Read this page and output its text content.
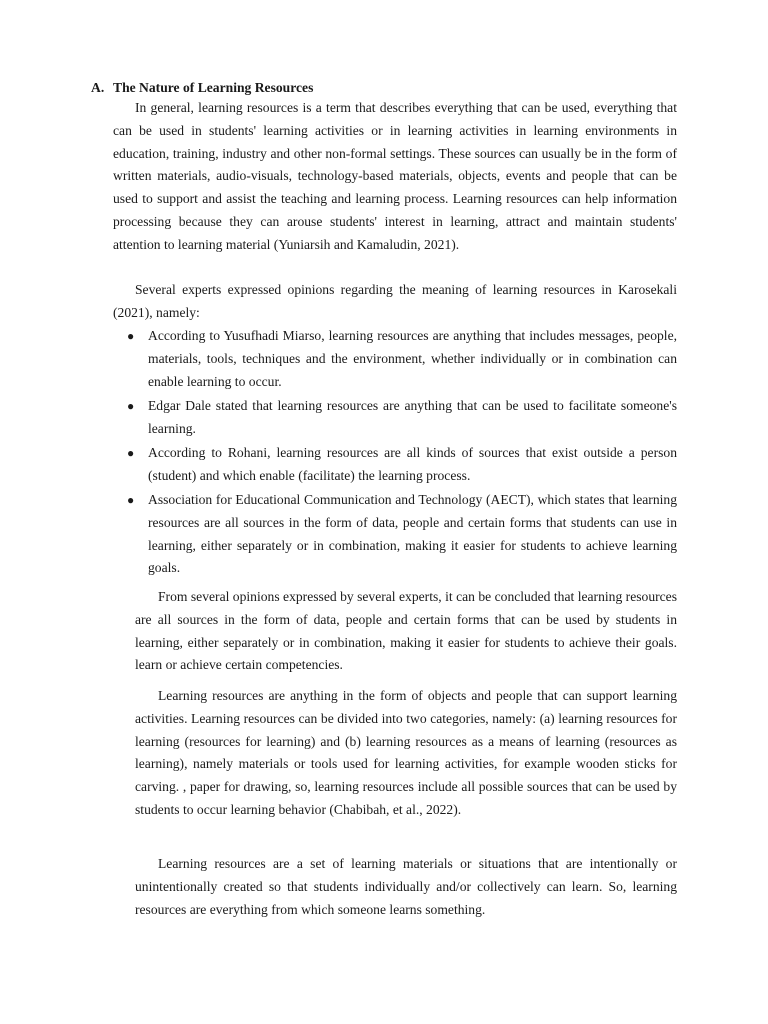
A. The Nature of Learning Resources

In general, learning resources is a term that describes everything that can be used, everything that can be used in students' learning activities or in learning activities in learning environments in education, training, industry and other non-formal settings. These sources can usually be in the form of written materials, audio-visuals, technology-based materials, objects, events and people that can be used to support and assist the teaching and learning process. Learning resources can help information processing because they can arouse students' interest in learning, attract and maintain students' attention to learning material (Yuniarsih and Kamaludin, 2021).

Several experts expressed opinions regarding the meaning of learning resources in Karosekali (2021), namely:

● According to Yusufhadi Miarso, learning resources are anything that includes messages, people, materials, tools, techniques and the environment, whether individually or in combination can enable learning to occur.
● Edgar Dale stated that learning resources are anything that can be used to facilitate someone's learning.
● According to Rohani, learning resources are all kinds of sources that exist outside a person (student) and which enable (facilitate) the learning process.
● Association for Educational Communication and Technology (AECT), which states that learning resources are all sources in the form of data, people and certain forms that students can use in learning, either separately or in combination, making it easier for students to achieve learning goals.

From several opinions expressed by several experts, it can be concluded that learning resources are all sources in the form of data, people and certain forms that can be used by students in learning, either separately or in combination, making it easier for students to achieve their goals. learn or achieve certain competencies.

Learning resources are anything in the form of objects and people that can support learning activities. Learning resources can be divided into two categories, namely: (a) learning resources for learning (resources for learning) and (b) learning resources as a means of learning (resources as learning), namely materials or tools used for learning activities, for example wooden sticks for carving. , paper for drawing, so, learning resources include all possible sources that can be used by students to occur learning behavior (Chabibah, et al., 2022).

Learning resources are a set of learning materials or situations that are intentionally or unintentionally created so that students individually and/or collectively can learn. So, learning resources are everything from which someone learns something.
